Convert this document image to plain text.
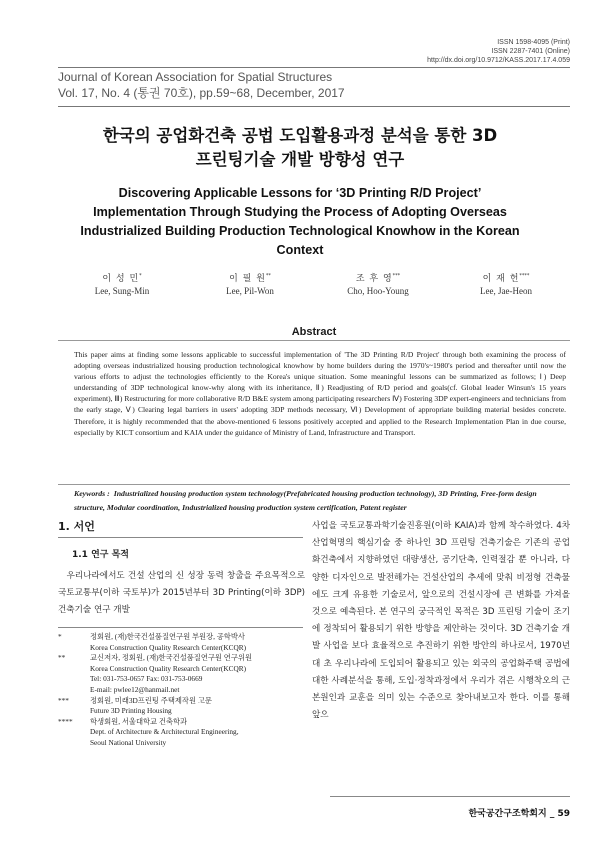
ISSN 1598-4095 (Print)
ISSN 2287-7401 (Online)
http://dx.doi.org/10.9712/KASS.2017.17.4.059
Journal of Korean Association for Spatial Structures
Vol. 17, No. 4 (통권 70호), pp.59~68, December, 2017
한국의 공업화건축 공법 도입활용과정 분석을 통한 3D
프린팅기술 개발 방향성 연구
Discovering Applicable Lessons for ‘3D Printing R/D Project’
Implementation Through Studying the Process of Adopting Overseas
Industrialized Building Production Technological Knowhow in the Korean
Context
이 성 민*
Lee, Sung-Min
이 필 원**
Lee, Pil-Won
조 후 영***
Cho, Hoo-Young
이 재 헌****
Lee, Jae-Heon
Abstract
This paper aims at finding some lessons applicable to successful implementation of 'The 3D Printing R/D Project' through both examining the process of adopting overseas industrialized housing production technological knowhow by home builders during the 1970's~1980's period and thereafter until now the various efforts to adjust the technologies efficiently to the Korea's unique situation. Some meaningful lessons can be summarized as follows; Ⅰ) Deep understanding of 3DP technological know-why along with its inheritance, Ⅱ) Readjusting of R/D period and goals(cf. Global leader Winsun's 15 years experiment), Ⅲ) Restructuring for more collaborative R/D B&E system among participating researchers Ⅳ) Fostering 3DP expert-engineers and technicians from the early stage, Ⅴ) Clearing legal barriers in users' adopting 3DP methods necessary, Ⅵ) Development of appropriate building material besides concrete. Therefore, it is highly recommended that the above-mentioned 6 lessons positively accepted and applied to the Research Implementation Plan in due course, especially by KICT consortium and KAIA under the guidance of Ministry of Land, Infrastructure and Transport.
Keywords : Industrialized housing production system technology(Prefabricated housing production technology), 3D Printing, Free-form design structure, Modular coordination, Industrialized housing production system certification, Patent register
1. 서언
1.1 연구 목적

우리나라에서도 건설 산업의 신 성장 동력 창출을 주요목적으로 국토교통부(이하 국토부)가 2015년부터 3D Printing(이하 3DP) 건축기술 연구 개발

*	정회원, (재)한국건설품질연구원 부원장, 공학박사
Korea Construction Quality Research Center(KCQR)
**	교신저자, 정회원, (재)한국건설품질연구원 연구위원
Korea Construction Quality Research Center(KCQR)
Tel: 031-753-0657 Fax: 031-753-0669
E-mail: pwlee12@hanmail.net
***	정회원, 미래3D프린팅 주택제작원 고문
Future 3D Printing Housing
****	학생회원, 서울대학교 건축학과
Dept. of Architecture & Architectural Engineering,
Seoul National University

사업을 국토교통과학기술진흥원(이하 KAIA)과 함께 착수하였다. 4차 산업혁명의 핵심기술 중 하나인 3D 프린팅 건축기술은 기존의 공업화건축에서 지향하였던 대량생산, 공기단축, 인력절감 뿐 아니라, 다양한 디자인으로 발전해가는 건설산업의 추세에 맞춰 비정형 건축물에도 크게 유용한 기술로서, 앞으로의 건설시장에 큰 변화를 가져올 것으로 예측된다. 본 연구의 궁극적인 목적은 3D 프린팅 기술이 조기에 정착되어 활용되기 위한 방향을 제안하는 것이다. 3D 건축기술 개발 사업을 보다 효율적으로 추진하기 위한 방안의 하나로서, 1970년대 초 우리나라에 도입되어 활용되고 있는 외국의 공업화주택 공법에 대한 사례분석을 통해, 도입·정착과정에서 우리가 겪은 시행착오의 근본원인과 교훈을 의미 있는 수준으로 찾아내보고자 한다. 이를 통해 앞으

한국공간구조학회지 _ 59
